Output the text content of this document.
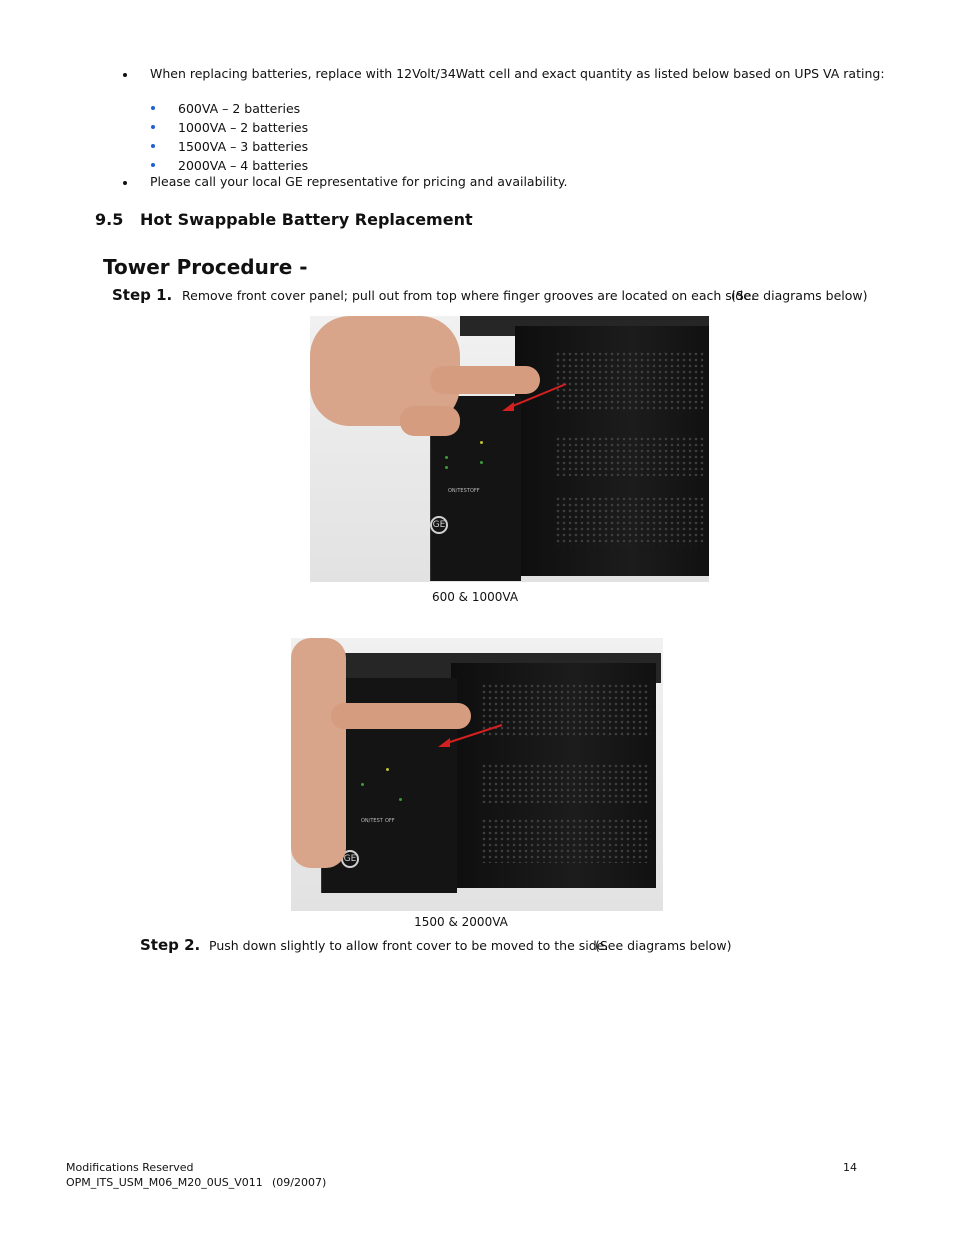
When replacing batteries, replace with 12Volt/34Watt cell and exact quantity as listed below based on UPS VA rating:
600VA – 2 batteries
1000VA – 2 batteries
1500VA – 3 batteries
2000VA – 4 batteries
Please call your local GE representative for pricing and availability.
9.5 Hot Swappable Battery Replacement
Tower Procedure -
Step 1. Remove front cover panel; pull out from top where finger grooves are located on each side.
(See diagrams below)
ON/TEST OFF
GE
600 & 1000VA
ON/TEST OFF
GE
1500 & 2000VA
Step 2. Push down slightly to allow front cover to be moved to the side.
(See diagrams below)
Modifications Reserved
OPM_ITS_USM_M06_M20_0US_V011 (09/2007)
14
